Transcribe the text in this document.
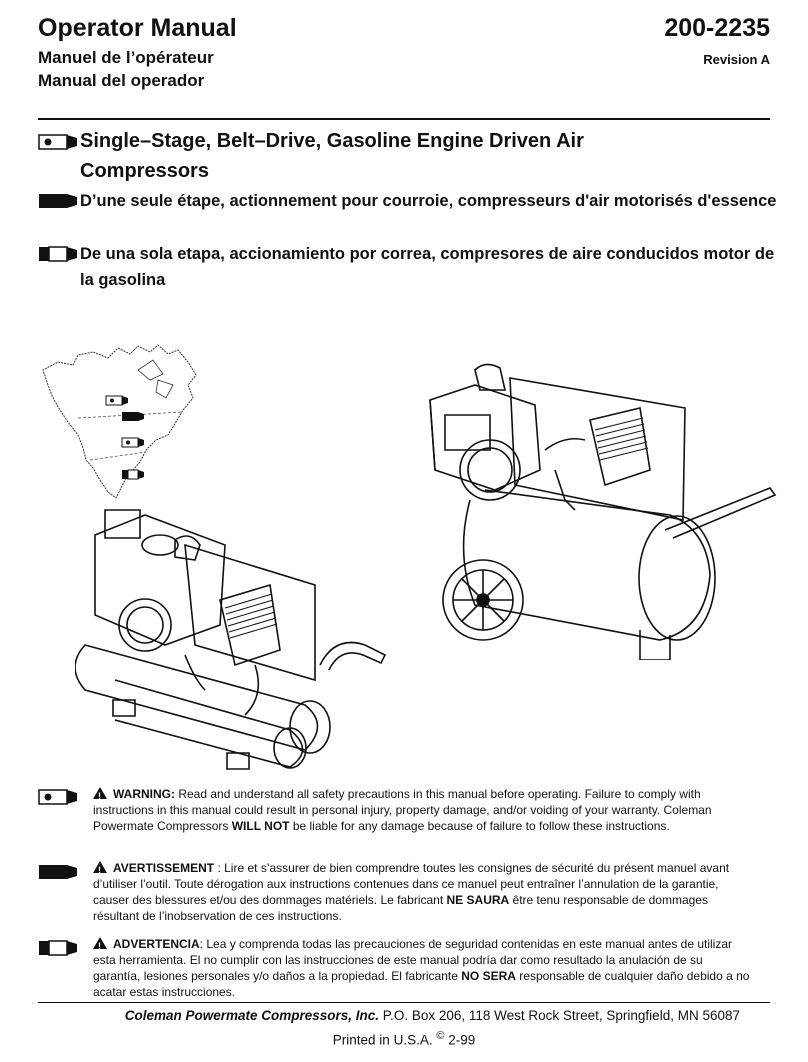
Operator Manual
Manuel de l’opérateur
Manual del operador
200-2235
Revision A
Single–Stage, Belt–Drive, Gasoline Engine Driven Air Compressors
D’une seule étape, actionnement pour courroie, compresseurs d'air motorisés d'essence
De una sola etapa, accionamiento por correa, compresores de aire conducidos motor de la gasolina
!WARNING: Read and understand all safety precautions in this manual before operating. Failure to comply with instructions in this manual could result in personal injury, property damage, and/or voiding of your warranty. Coleman Powermate Compressors WILL NOT be liable for any damage because of failure to follow these instructions.
!AVERTISSEMENT : Lire et s’assurer de bien comprendre toutes les consignes de sécurité du présent manuel avant d’utiliser l’outil. Toute dérogation aux instructions contenues dans ce manuel peut entraîner l’annulation de la garantie, causer des blessures et/ou des dommages matériels. Le fabricant NE SAURA être tenu responsable de dommages résultant de l’inobservation de ces instructions.
!ADVERTENCIA: Lea y comprenda todas las precauciones de seguridad contenidas en este manual antes de utilizar esta herramienta. El no cumplir con las instrucciones de este manual podría dar como resultado la anulación de su garantía, lesiones personales y/o daños a la propiedad. El fabricante NO SERA responsable de cualquier daño debido a no acatar estas instrucciones.
Coleman Powermate Compressors, Inc. P.O. Box 206, 118 West Rock Street, Springfield, MN 56087
Printed in U.S.A. © 2-99
